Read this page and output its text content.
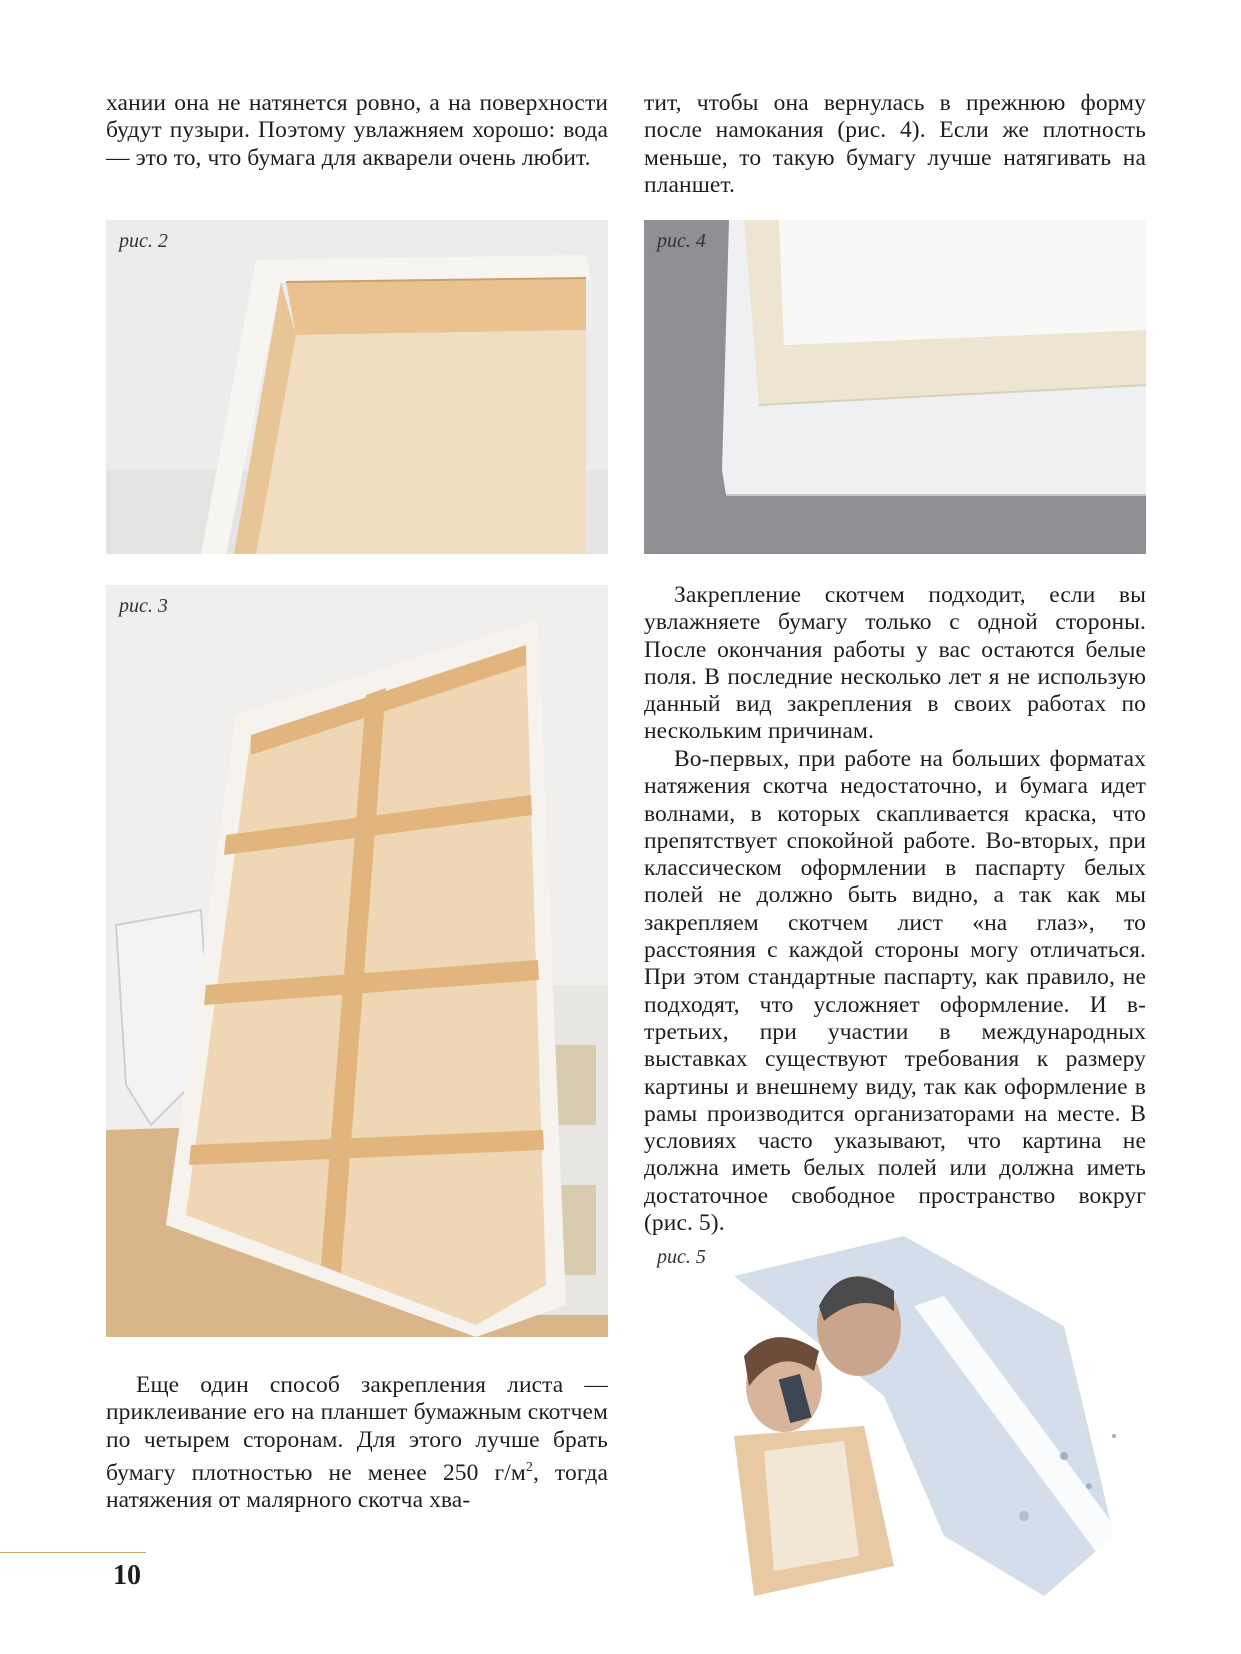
хании она не натянется ровно, а на поверхности будут пузыри. Поэтому увлажняем хорошо: вода — это то, что бумага для акварели очень любит.

тит, чтобы она вернулась в прежнюю форму после намокания (рис. 4). Если же плотность меньше, то такую бумагу лучше натягивать на планшет.

рис. 2	рис. 4
рис. 3	Закрепление скотчем подходит, если вы увлажняете бумагу только с одной стороны. После окончания работы у вас остаются белые поля. В последние несколько лет я не использую данный вид закрепления в своих работах по нескольким причинам.

Во-первых, при работе на больших форматах натяжения скотча недостаточно, и бумага идет волнами, в которых скапливается краска, что препятствует спокойной работе. Во-вторых, при классическом оформлении в паспарту белых полей не должно быть видно, а так как мы закрепляем скотчем лист «на глаз», то расстояния с каждой стороны могу отличаться. При этом стандартные паспарту, как правило, не подходят, что усложняет оформление. И в-третьих, при участии в международных выставках существуют требования к размеру картины и внешнему виду, так как оформление в рамы производится организаторами на месте. В условиях часто указывают, что картина не должна иметь белых полей или должна иметь достаточное свободное пространство вокруг (рис. 5).

Еще один способ закрепления листа — приклеивание его на планшет бумажным скотчем по четырем сторонам. Для этого лучше брать бумагу плотностью не менее 250 $г/м^2$, тогда натяжения от малярного скотча хва-

рис. 5
10
